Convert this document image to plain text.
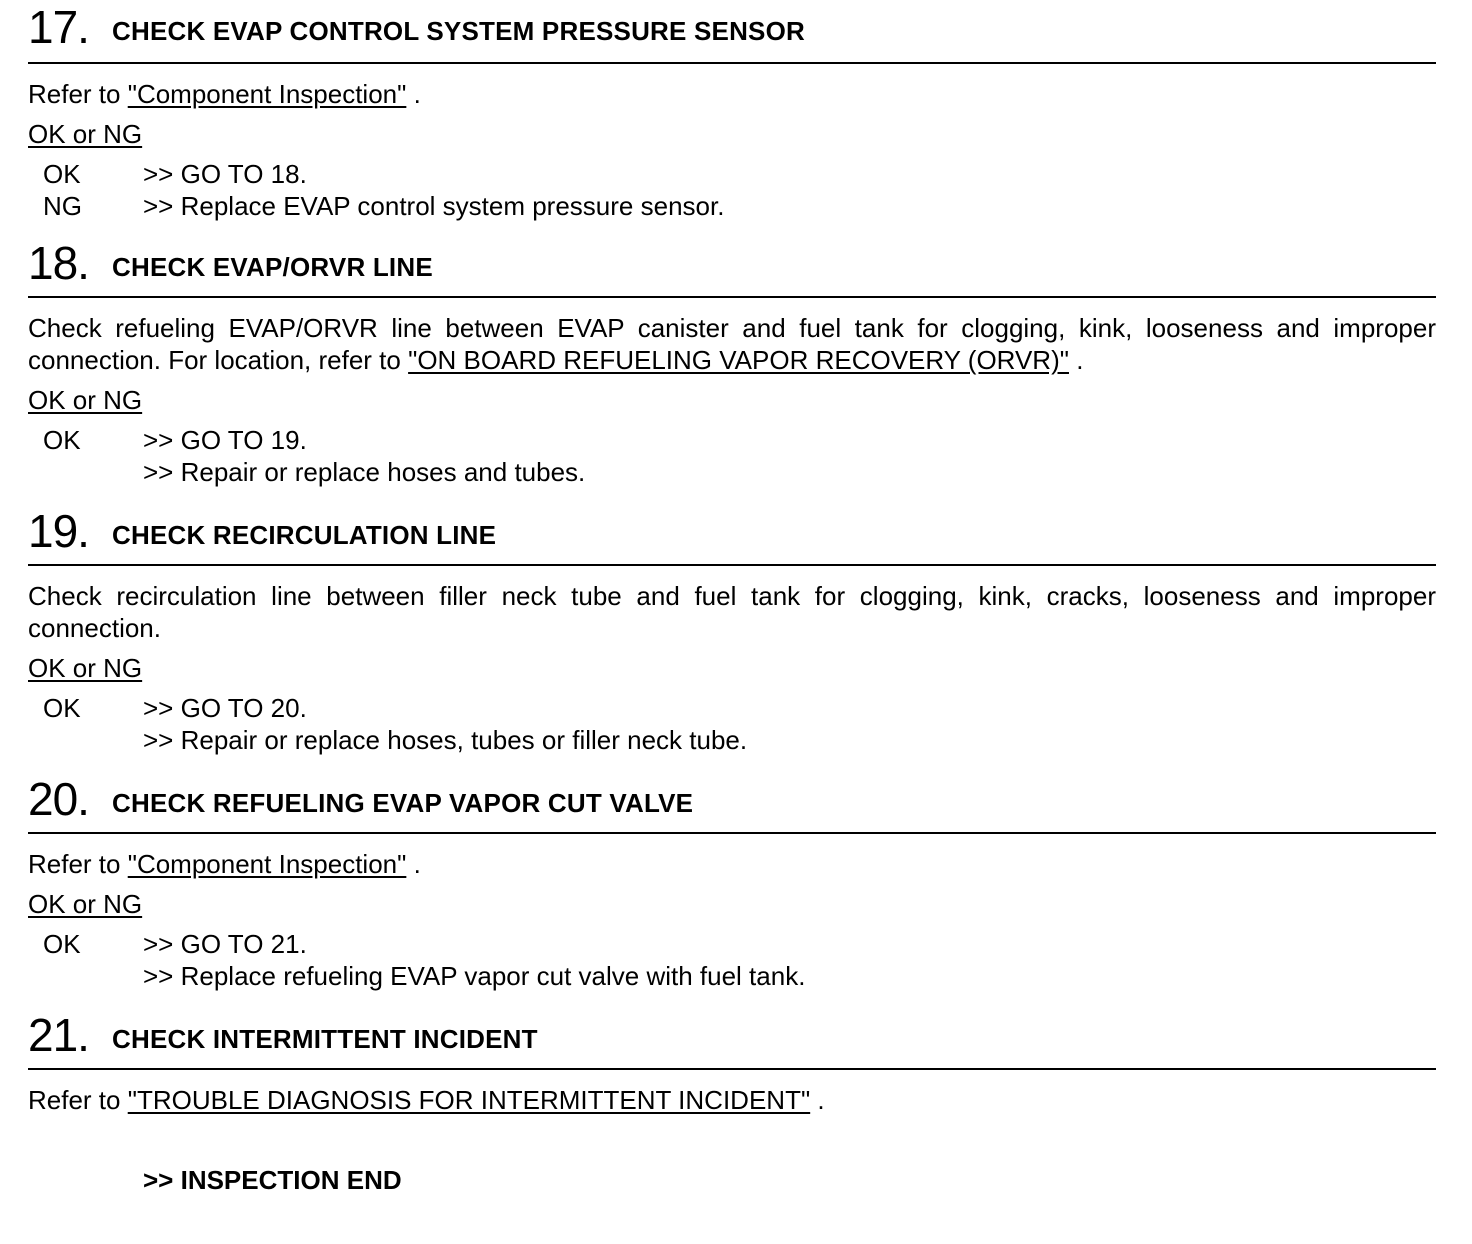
17. CHECK EVAP CONTROL SYSTEM PRESSURE SENSOR
Refer to "Component Inspection" .
OK or NG
OK >> GO TO 18.
NG >> Replace EVAP control system pressure sensor.
18. CHECK EVAP/ORVR LINE
Check refueling EVAP/ORVR line between EVAP canister and fuel tank for clogging, kink, looseness and improper connection. For location, refer to "ON BOARD REFUELING VAPOR RECOVERY (ORVR)" .
OK or NG
OK >> GO TO 19.
>> Repair or replace hoses and tubes.
19. CHECK RECIRCULATION LINE
Check recirculation line between filler neck tube and fuel tank for clogging, kink, cracks, looseness and improper connection.
OK or NG
OK >> GO TO 20.
>> Repair or replace hoses, tubes or filler neck tube.
20. CHECK REFUELING EVAP VAPOR CUT VALVE
Refer to "Component Inspection" .
OK or NG
OK >> GO TO 21.
>> Replace refueling EVAP vapor cut valve with fuel tank.
21. CHECK INTERMITTENT INCIDENT
Refer to "TROUBLE DIAGNOSIS FOR INTERMITTENT INCIDENT" .
>> INSPECTION END
